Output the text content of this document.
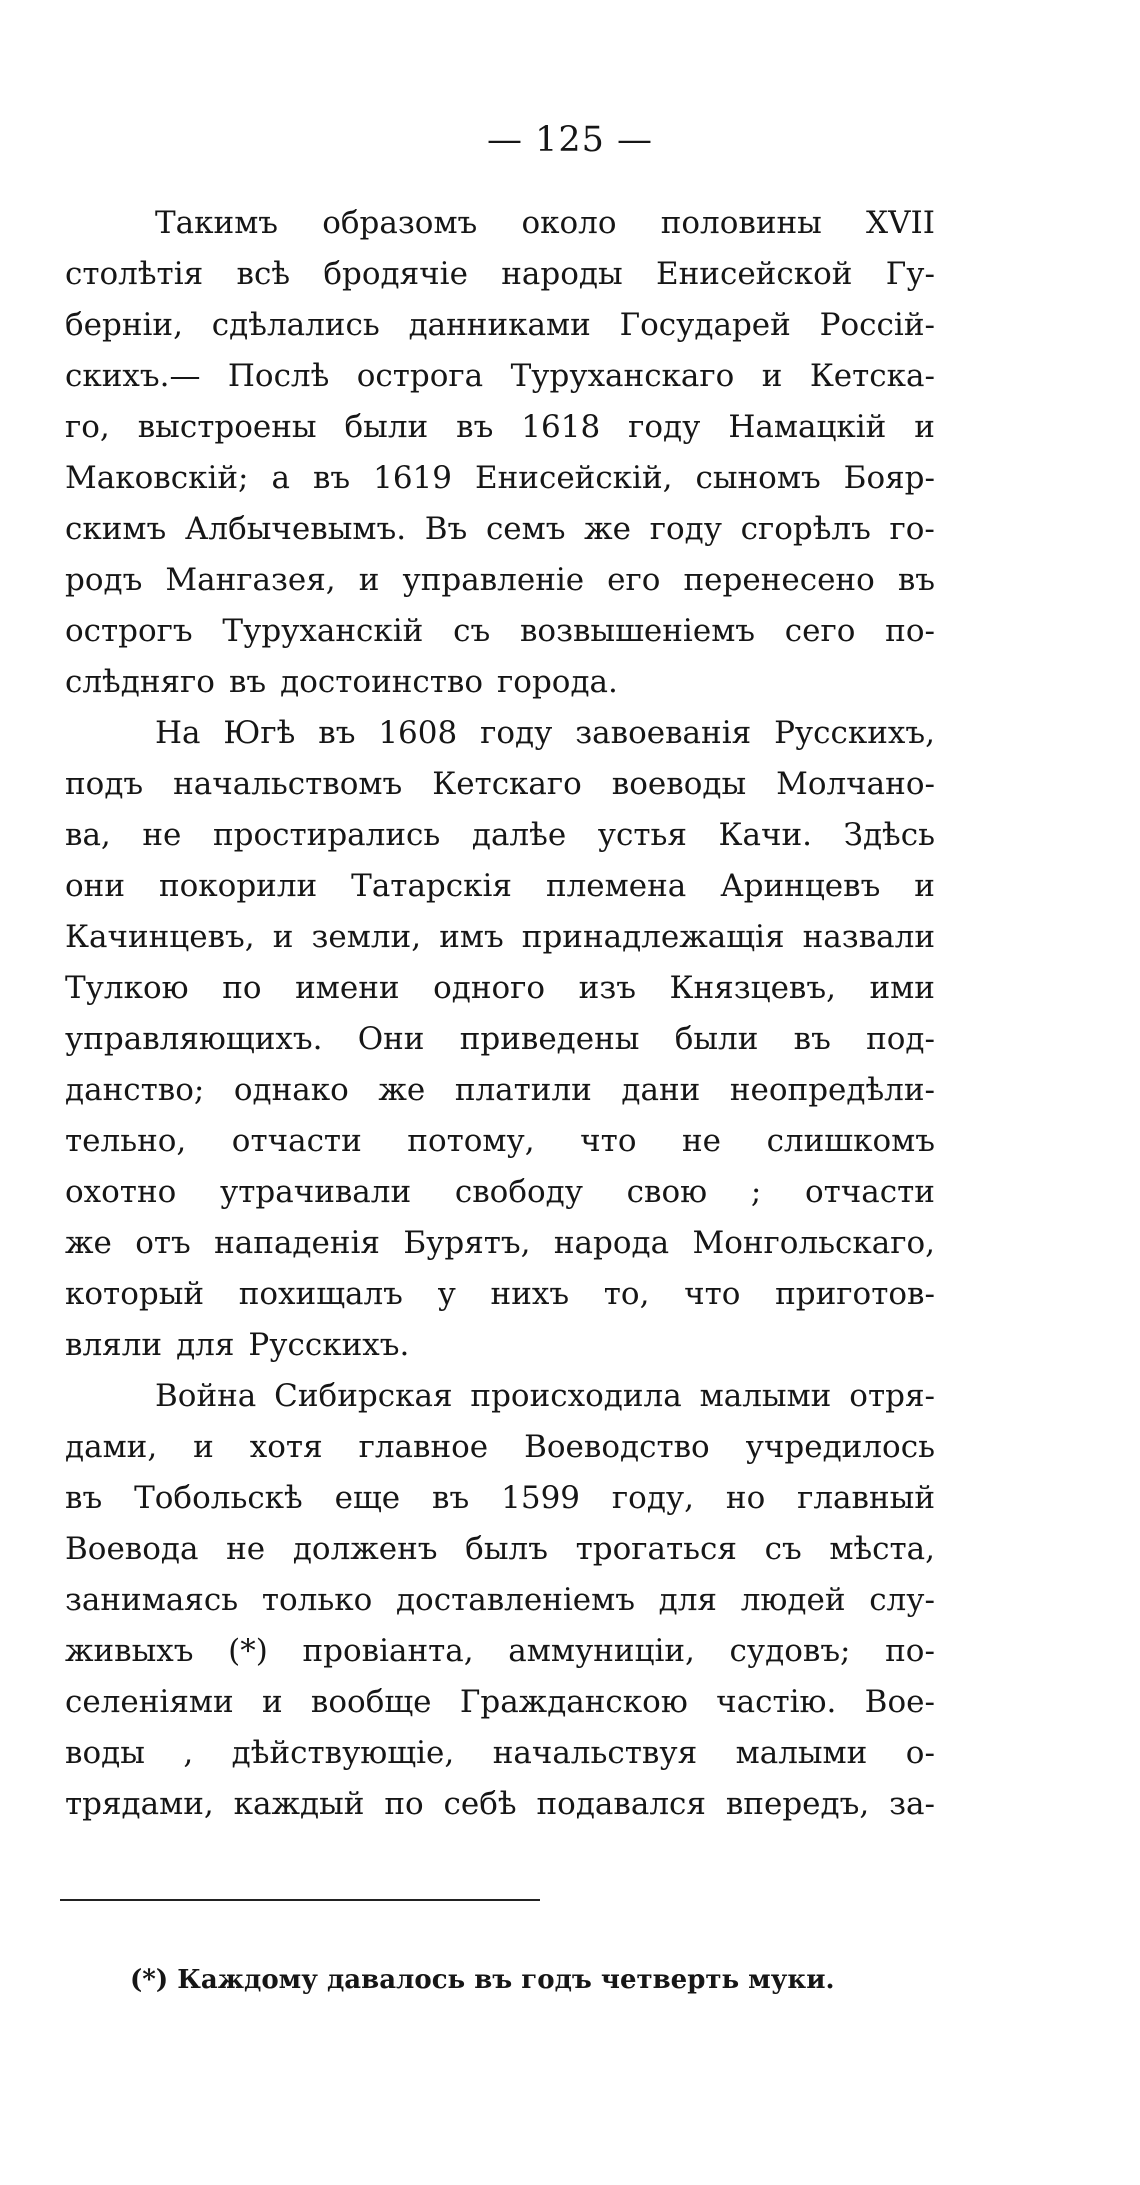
— 125 —
Такимъ образомъ около половины XVII
столѣтія всѣ бродячіе народы Енисейской Гу-
берніи, сдѣлались данниками Государей Россій-
скихъ.— Послѣ острога Туруханскаго и Кетска-
го, выстроены были въ 1618 году Намацкій и
Маковскій; а въ 1619 Енисейскій, сыномъ Бояр-
скимъ Албычевымъ. Въ семъ же году сгорѣлъ го-
родъ Мангазея, и управленіе его перенесено въ
острогъ Туруханскій съ возвышеніемъ сего по-
слѣдняго въ достоинство города.
На Югѣ въ 1608 году завоеванія Русскихъ,
подъ начальствомъ Кетскаго воеводы Молчано-
ва, не простирались далѣе устья Качи. Здѣсь
они покорили Татарскія племена Аринцевъ и
Качинцевъ, и земли, имъ принадлежащія назвали
Тулкою по имени одного изъ Князцевъ, ими
управляющихъ. Они приведены были въ под-
данство; однако же платили дани неопредѣли-
тельно, отчасти потому, что не слишкомъ
охотно утрачивали свободу свою ; отчасти
же отъ нападенія Бурятъ, народа Монгольскаго,
который похищалъ у нихъ то, что приготов-
вляли для Русскихъ.
Война Сибирская происходила малыми отря-
дами, и хотя главное Воеводство учредилось
въ Тобольскѣ еще въ 1599 году, но главный
Воевода не долженъ былъ трогаться съ мѣста,
занимаясь только доставленіемъ для людей слу-
живыхъ (*) провіанта, аммуниціи, судовъ; по-
селеніями и вообще Гражданскою частію. Вое-
воды , дѣйствующіе, начальствуя малыми о-
трядами, каждый по себѣ подавался впередъ, за-
(*) Каждому давалось въ годъ четверть муки.
